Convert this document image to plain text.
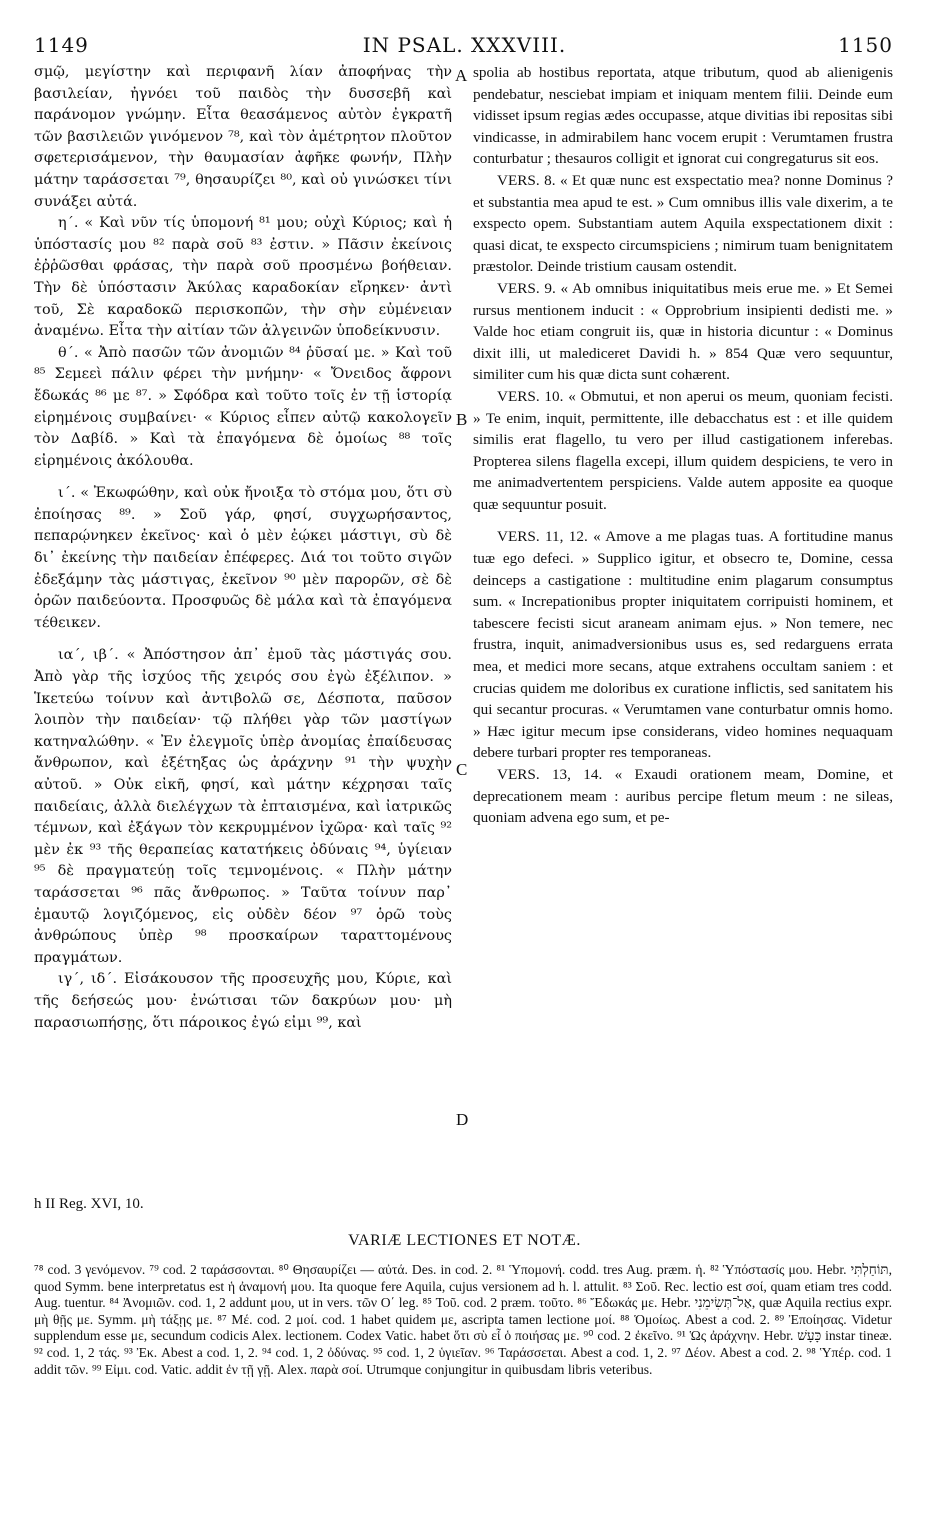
1149	IN PSAL. XXXVIII.	1150

σμῷ, μεγίστην καὶ περιφανῆ λίαν ἀποφήνας τὴν βασιλείαν, ἠγνόει τοῦ παιδὸς τὴν δυσσεβῆ καὶ παράνομον γνώμην. Εἶτα θεασάμενος αὐτὸν ἐγκρατῆ τῶν βασιλειῶν γινόμενον ⁷⁸, καὶ τὸν ἀμέτρητον πλοῦτον σφετερισάμενον, τὴν θαυμασίαν ἀφῆκε φωνήν, Πλὴν μάτην ταράσσεται ⁷⁹, θησαυρίζει ⁸⁰, καὶ οὐ γινώσκει τίνι συνάξει αὐτά.

η΄. « Καὶ νῦν τίς ὑπομονή ⁸¹ μου; οὐχὶ Κύριος; καὶ ἡ ὑπόστασίς μου ⁸² παρὰ σοῦ ⁸³ ἐστιν. » Πᾶσιν ἐκείνοις ἐῤῥῶσθαι φράσας, τὴν παρὰ σοῦ προσμένω βοήθειαν. Τὴν δὲ ὑπόστασιν Ἀκύλας καραδοκίαν εἴρηκεν· ἀντὶ τοῦ, Σὲ καραδοκῶ περισκοπῶν, τὴν σὴν εὐμένειαν ἀναμένω. Εἶτα τὴν αἰτίαν τῶν ἀλγεινῶν ὑποδείκνυσιν.

θ΄. « Ἀπὸ πασῶν τῶν ἀνομιῶν ⁸⁴ ῥῦσαί με. » Καὶ τοῦ ⁸⁵ Σεμεεὶ πάλιν φέρει τὴν μνήμην· « Ὄνειδος ἄφρονι ἔδωκάς ⁸⁶ με ⁸⁷. » Σφόδρα καὶ τοῦτο τοῖς ἐν τῇ ἱστορίᾳ εἰρημένοις συμβαίνει· « Κύριος εἶπεν αὐτῷ κακολογεῖν τὸν Δαβίδ. » Καὶ τὰ ἐπαγόμενα δὲ ὁμοίως ⁸⁸ τοῖς εἰρημένοις ἀκόλουθα.

ι΄. « Ἐκωφώθην, καὶ οὐκ ἤνοιξα τὸ στόμα μου, ὅτι σὺ ἐποίησας ⁸⁹. » Σοῦ γάρ, φησί, συγχωρήσαντος, πεπαρῴνηκεν ἐκεῖνος· καὶ ὁ μὲν ἐῴκει μάστιγι, σὺ δὲ δι᾽ ἐκείνης τὴν παιδείαν ἐπέφερες. Διά τοι τοῦτο σιγῶν ἐδεξάμην τὰς μάστιγας, ἐκεῖνον ⁹⁰ μὲν παρορῶν, σὲ δὲ ὁρῶν παιδεύοντα. Προσφυῶς δὲ μάλα καὶ τὰ ἐπαγόμενα τέθεικεν.

ια΄, ιβ΄. « Ἀπόστησον ἀπ᾽ ἐμοῦ τὰς μάστιγάς σου. Ἀπὸ γὰρ τῆς ἰσχύος τῆς χειρός σου ἐγὼ ἐξέλιπον. » Ἱκετεύω τοίνυν καὶ ἀντιβολῶ σε, Δέσποτα, παῦσον λοιπὸν τὴν παιδείαν· τῷ πλήθει γὰρ τῶν μαστίγων κατηναλώθην. « Ἐν ἐλεγμοῖς ὑπὲρ ἀνομίας ἐπαίδευσας ἄνθρωπον, καὶ ἐξέτηξας ὡς ἀράχνην ⁹¹ τὴν ψυχὴν αὐτοῦ. » Οὐκ εἰκῆ, φησί, καὶ μάτην κέχρησαι ταῖς παιδείαις, ἀλλὰ διελέγχων τὰ ἐπταισμένα, καὶ ἰατρικῶς τέμνων, καὶ ἐξάγων τὸν κεκρυμμένον ἰχῶρα· καὶ ταῖς ⁹² μὲν ἐκ ⁹³ τῆς θεραπείας κατατήκεις ὀδύναις ⁹⁴, ὑγίειαν ⁹⁵ δὲ πραγματεύῃ τοῖς τεμνομένοις. « Πλὴν μάτην ταράσσεται ⁹⁶ πᾶς ἄνθρωπος. » Ταῦτα τοίνυν παρ᾽ ἐμαυτῷ λογιζόμενος, εἰς οὐδὲν δέον ⁹⁷ ὁρῶ τοὺς ἀνθρώπους ὑπὲρ ⁹⁸ προσκαίρων ταραττομένους πραγμάτων.

ιγ΄, ιδ΄. Εἰσάκουσον τῆς προσευχῆς μου, Κύριε, καὶ τῆς δεήσεώς μου· ἐνώτισαι τῶν δακρύων μου· μὴ παρασιωπήσῃς, ὅτι πάροικος ἐγώ εἰμι ⁹⁹, καὶ

spolia ab hostibus reportata, atque tributum, quod ab alienigenis pendebatur, nesciebat impiam et iniquam mentem filii. Deinde eum vidisset ipsum regias ædes occupasse, atque divitias ibi repositas sibi vindicasse, in admirabilem hanc vocem erupit : Verumtamen frustra conturbatur ; thesauros colligit et ignorat cui congregaturus sit eos.

VERS. 8. « Et quæ nunc est exspectatio mea? nonne Dominus ? et substantia mea apud te est. » Cum omnibus illis vale dixerim, a te exspecto opem. Substantiam autem Aquila exspectationem dixit : quasi dicat, te exspecto circumspiciens ; nimirum tuam benignitatem præstolor. Deinde tristium causam ostendit.

VERS. 9. « Ab omnibus iniquitatibus meis erue me. » Et Semei rursus mentionem inducit : « Opprobrium insipienti dedisti me. » Valde hoc etiam congruit iis, quæ in historia dicuntur : « Dominus dixit illi, ut malediceret Davidi h. » 854 Quæ vero sequuntur, similiter cum his quæ dicta sunt cohærent.

VERS. 10. « Obmutui, et non aperui os meum, quoniam fecisti. » Te enim, inquit, permittente, ille debacchatus est : et ille quidem similis erat flagello, tu vero per illud castigationem inferebas. Propterea silens flagella excepi, illum quidem despiciens, te vero in me animadvertentem perspiciens. Valde autem apposite ea quoque quæ sequuntur posuit.

VERS. 11, 12. « Amove a me plagas tuas. A fortitudine manus tuæ ego defeci. » Supplico igitur, et obsecro te, Domine, cessa deinceps a castigatione : multitudine enim plagarum consumptus sum. « Increpationibus propter iniquitatem corripuisti hominem, et tabescere fecisti sicut araneam animam ejus. » Non temere, nec frustra, inquit, animadversionibus usus es, sed redarguens errata mea, et medici more secans, atque extrahens occultam saniem : et crucias quidem me doloribus ex curatione inflictis, sed sanitatem his qui secantur procuras. « Verumtamen vane conturbatur omnis homo. » Hæc igitur mecum ipse considerans, video homines nequaquam debere turbari propter res temporaneas.

VERS. 13, 14. « Exaudi orationem meam, Domine, et deprecationem meam : auribus percipe fletum meum : ne sileas, quoniam advena ego sum, et pe-

A
B
C
D
h II Reg. XVI, 10.
VARIÆ LECTIONES ET NOTÆ.
⁷⁸ cod. 3 γενόμενον. ⁷⁹ cod. 2 ταράσσονται. ⁸⁰ Θησαυρίζει — αὐτά. Des. in cod. 2. ⁸¹ Ὑπομονή. codd. tres Aug. præm. ἡ. ⁸² Ὑπόστασίς μου. Hebr. תּוֹחַלְתִּי, quod Symm. bene interpretatus est ἡ ἀναμονή μου. Ita quoque fere Aquila, cujus versionem ad h. l. attulit. ⁸³ Σοῦ. Rec. lectio est σοί, quam etiam tres codd. Aug. tuentur. ⁸⁴ Ἀνομιῶν. cod. 1, 2 addunt μου, ut in vers. τῶν Ο΄ leg. ⁸⁵ Τοῦ. cod. 2 præm. τοῦτο. ⁸⁶ Ἔδωκάς με. Hebr. אַל־תְּשִׂימֵנִי, quæ Aquila rectius expr. μὴ θῇς με. Symm. μὴ τάξῃς με. ⁸⁷ Μέ. cod. 2 μοί. cod. 1 habet quidem με, ascripta tamen lectione μοί. ⁸⁸ Ὁμοίως. Abest a cod. 2. ⁸⁹ Ἐποίησας. Videtur supplendum esse με, secundum codicis Alex. lectionem. Codex Vatic. habet ὅτι σὺ εἶ ὁ ποιήσας με. ⁹⁰ cod. 2 ἐκεῖνο. ⁹¹ Ὡς ἀράχνην. Hebr. כָּעָשׁ instar tineæ. ⁹² cod. 1, 2 τάς. ⁹³ Ἐκ. Abest a cod. 1, 2. ⁹⁴ cod. 1, 2 ὀδύνας. ⁹⁵ cod. 1, 2 ὑγιεῖαν. ⁹⁶ Ταράσσεται. Abest a cod. 1, 2. ⁹⁷ Δέον. Abest a cod. 2. ⁹⁸ Ὑπέρ. cod. 1 addit τῶν. ⁹⁹ Εἰμι. cod. Vatic. addit ἐν τῇ γῇ. Alex. παρὰ σοί. Utrumque conjungitur in quibusdam libris veteribus.
